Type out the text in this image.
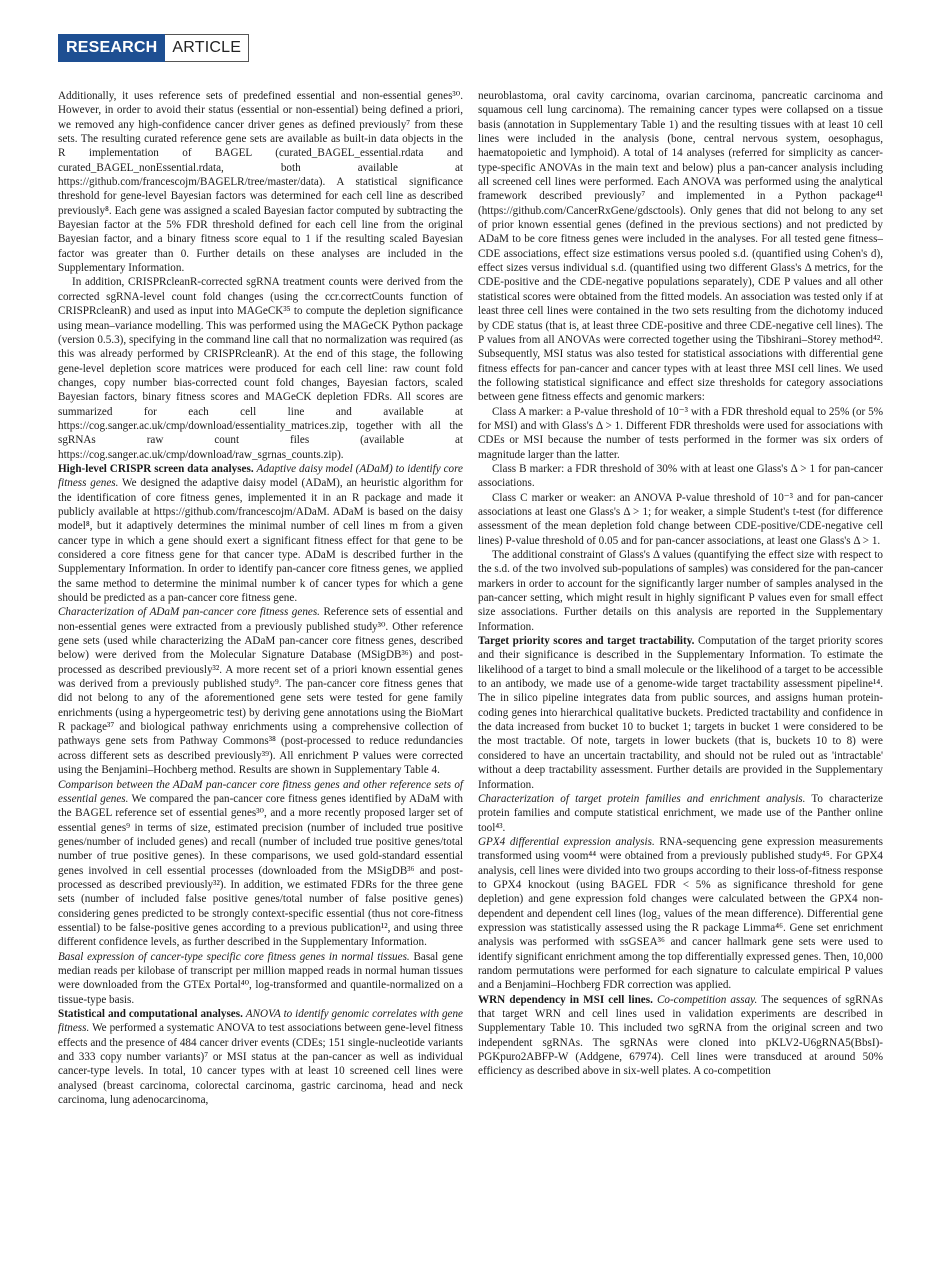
RESEARCH ARTICLE

Additionally, it uses reference sets of predefined essential and non-essential genes³⁰. However, in order to avoid their status (essential or non-essential) being defined a priori, we removed any high-confidence cancer driver genes as defined previously⁷ from these sets. The resulting curated reference gene sets are available as built-in data objects in the R implementation of BAGEL (curated_BAGEL_essential.rdata and curated_BAGEL_nonEssential.rdata, both available at https://github.com/francescojm/BAGELR/tree/master/data). A statistical significance threshold for gene-level Bayesian factors was determined for each cell line as described previously⁸. Each gene was assigned a scaled Bayesian factor computed by subtracting the Bayesian factor at the 5% FDR threshold defined for each cell line from the original Bayesian factor, and a binary fitness score equal to 1 if the resulting scaled Bayesian factor was greater than 0. Further details on these analyses are included in the Supplementary Information.

In addition, CRISPRcleanR-corrected sgRNA treatment counts were derived from the corrected sgRNA-level count fold changes (using the ccr.correctCounts function of CRISPRcleanR) and used as input into MAGeCK³⁵ to compute the depletion significance using mean–variance modelling. This was performed using the MAGeCK Python package (version 0.5.3), specifying in the command line call that no normalization was required (as this was already performed by CRISPRcleanR). At the end of this stage, the following gene-level depletion score matrices were produced for each cell line: raw count fold changes, copy number bias-corrected count fold changes, Bayesian factors, scaled Bayesian factors, binary fitness scores and MAGeCK depletion FDRs. All scores are summarized for each cell line and available at https://cog.sanger.ac.uk/cmp/download/essentiality_matrices.zip, together with all the sgRNAs raw count files (available at https://cog.sanger.ac.uk/cmp/download/raw_sgrnas_counts.zip).

High-level CRISPR screen data analyses. Adaptive daisy model (ADaM) to identify core fitness genes. We designed the adaptive daisy model (ADaM), an heuristic algorithm for the identification of core fitness genes, implemented it in an R package and made it publicly available at https://github.com/francescojm/ADaM. ADaM is based on the daisy model⁸, but it adaptively determines the minimal number of cell lines m from a given cancer type in which a gene should exert a significant fitness effect for that gene to be considered a core fitness gene for that cancer type. ADaM is described further in the Supplementary Information. In order to identify pan-cancer core fitness genes, we applied the same method to determine the minimal number k of cancer types for which a gene should be predicted as a pan-cancer core fitness gene.

Characterization of ADaM pan-cancer core fitness genes. Reference sets of essential and non-essential genes were extracted from a previously published study³⁰. Other reference gene sets (used while characterizing the ADaM pan-cancer core fitness genes, described below) were derived from the Molecular Signature Database (MSigDB³⁶) and post-processed as described previously³². A more recent set of a priori known essential genes was derived from a previously published study⁹. The pan-cancer core fitness genes that did not belong to any of the aforementioned gene sets were tested for gene family enrichments (using a hypergeometric test) by deriving gene annotations using the BioMart R package³⁷ and biological pathway enrichments using a comprehensive collection of pathways gene sets from Pathway Commons³⁸ (post-processed to reduce redundancies across different sets as described previously³⁹). All enrichment P values were corrected using the Benjamini–Hochberg method. Results are shown in Supplementary Table 4.

Comparison between the ADaM pan-cancer core fitness genes and other reference sets of essential genes. We compared the pan-cancer core fitness genes identified by ADaM with the BAGEL reference set of essential genes³⁰, and a more recently proposed larger set of essential genes⁹ in terms of size, estimated precision (number of included true positive genes/number of included genes) and recall (number of included true positive genes/total number of true positive genes). In these comparisons, we used gold-standard essential genes involved in cell essential processes (downloaded from the MSigDB³⁶ and post-processed as described previously³²). In addition, we estimated FDRs for the three gene sets (number of included false positive genes/total number of false positive genes) considering genes predicted to be strongly context-specific essential (thus not core-fitness essential) to be false-positive genes according to a previous publication¹², and using three different confidence levels, as further described in the Supplementary Information.

Basal expression of cancer-type specific core fitness genes in normal tissues. Basal gene median reads per kilobase of transcript per million mapped reads in normal human tissues were downloaded from the GTEx Portal⁴⁰, log-transformed and quantile-normalized on a tissue-type basis.

Statistical and computational analyses. ANOVA to identify genomic correlates with gene fitness. We performed a systematic ANOVA to test associations between gene-level fitness effects and the presence of 484 cancer driver events (CDEs; 151 single-nucleotide variants and 333 copy number variants)⁷ or MSI status at the pan-cancer as well as individual cancer-type levels. In total, 10 cancer types with at least 10 screened cell lines were analysed (breast carcinoma, colorectal carcinoma, gastric carcinoma, head and neck carcinoma, lung adenocarcinoma,

neuroblastoma, oral cavity carcinoma, ovarian carcinoma, pancreatic carcinoma and squamous cell lung carcinoma). The remaining cancer types were collapsed on a tissue basis (annotation in Supplementary Table 1) and the resulting tissues with at least 10 cell lines were included in the analysis (bone, central nervous system, oesophagus, haematopoietic and lymphoid). A total of 14 analyses (referred for simplicity as cancer-type-specific ANOVAs in the main text and below) plus a pan-cancer analysis including all screened cell lines were performed. Each ANOVA was performed using the analytical framework described previously⁷ and implemented in a Python package⁴¹ (https://github.com/CancerRxGene/gdsctools). Only genes that did not belong to any set of prior known essential genes (defined in the previous sections) and not predicted by ADaM to be core fitness genes were included in the analyses. For all tested gene fitness–CDE associations, effect size estimations versus pooled s.d. (quantified using Cohen's d), effect sizes versus individual s.d. (quantified using two different Glass's Δ metrics, for the CDE-positive and the CDE-negative populations separately), CDE P values and all other statistical scores were obtained from the fitted models. An association was tested only if at least three cell lines were contained in the two sets resulting from the dichotomy induced by CDE status (that is, at least three CDE-positive and three CDE-negative cell lines). The P values from all ANOVAs were corrected together using the Tibshirani–Storey method⁴². Subsequently, MSI status was also tested for statistical associations with differential gene fitness effects for pan-cancer and cancer types with at least three MSI cell lines. We used the following statistical significance and effect size thresholds for category associations between gene fitness effects and genomic markers:

Class A marker: a P-value threshold of 10⁻³ with a FDR threshold equal to 25% (or 5% for MSI) and with Glass's Δ > 1. Different FDR thresholds were used for associations with CDEs or MSI because the number of tests performed in the former was six orders of magnitude larger than the latter.

Class B marker: a FDR threshold of 30% with at least one Glass's Δ > 1 for pan-cancer associations.

Class C marker or weaker: an ANOVA P-value threshold of 10⁻³ and for pan-cancer associations at least one Glass's Δ > 1; for weaker, a simple Student's t-test (for difference assessment of the mean depletion fold change between CDE-positive/CDE-negative cell lines) P-value threshold of 0.05 and for pan-cancer associations, at least one Glass's Δ > 1.

The additional constraint of Glass's Δ values (quantifying the effect size with respect to the s.d. of the two involved sub-populations of samples) was considered for the pan-cancer markers in order to account for the significantly larger number of samples analysed in the pan-cancer setting, which might result in highly significant P values even for small effect size associations. Further details on this analysis are reported in the Supplementary Information.

Target priority scores and target tractability. Computation of the target priority scores and their significance is described in the Supplementary Information. To estimate the likelihood of a target to bind a small molecule or the likelihood of a target to be accessible to an antibody, we made use of a genome-wide target tractability assessment pipeline¹⁴. The in silico pipeline integrates data from public sources, and assigns human protein-coding genes into hierarchical qualitative buckets. Predicted tractability and confidence in the data increased from bucket 10 to bucket 1; targets in bucket 1 were considered to be the most tractable. Of note, targets in lower buckets (that is, buckets 10 to 8) were considered to have an uncertain tractability, and should not be ruled out as 'intractable' without a deep tractability assessment. Further details are provided in the Supplementary Information.

Characterization of target protein families and enrichment analysis. To characterize protein families and compute statistical enrichment, we made use of the Panther online tool⁴³.

GPX4 differential expression analysis. RNA-sequencing gene expression measurements transformed using voom⁴⁴ were obtained from a previously published study⁴⁵. For GPX4 analysis, cell lines were divided into two groups according to their loss-of-fitness response to GPX4 knockout (using BAGEL FDR < 5% as significance threshold for gene depletion) and gene expression fold changes were calculated between the GPX4 non-dependent and dependent cell lines (log₂ values of the mean difference). Differential gene expression was statistically assessed using the R package Limma⁴⁶. Gene set enrichment analysis was performed with ssGSEA³⁶ and cancer hallmark gene sets were used to identify significant enrichment among the top differentially expressed genes. Then, 10,000 random permutations were performed for each signature to calculate empirical P values and a Benjamini–Hochberg FDR correction was applied.

WRN dependency in MSI cell lines. Co-competition assay. The sequences of sgRNAs that target WRN and cell lines used in validation experiments are described in Supplementary Table 10. This included two sgRNA from the original screen and two independent sgRNAs. The sgRNAs were cloned into pKLV2-U6gRNA5(BbsI)-PGKpuro2ABFP-W (Addgene, 67974). Cell lines were transduced at around 50% efficiency as described above in six-well plates. A co-competition
